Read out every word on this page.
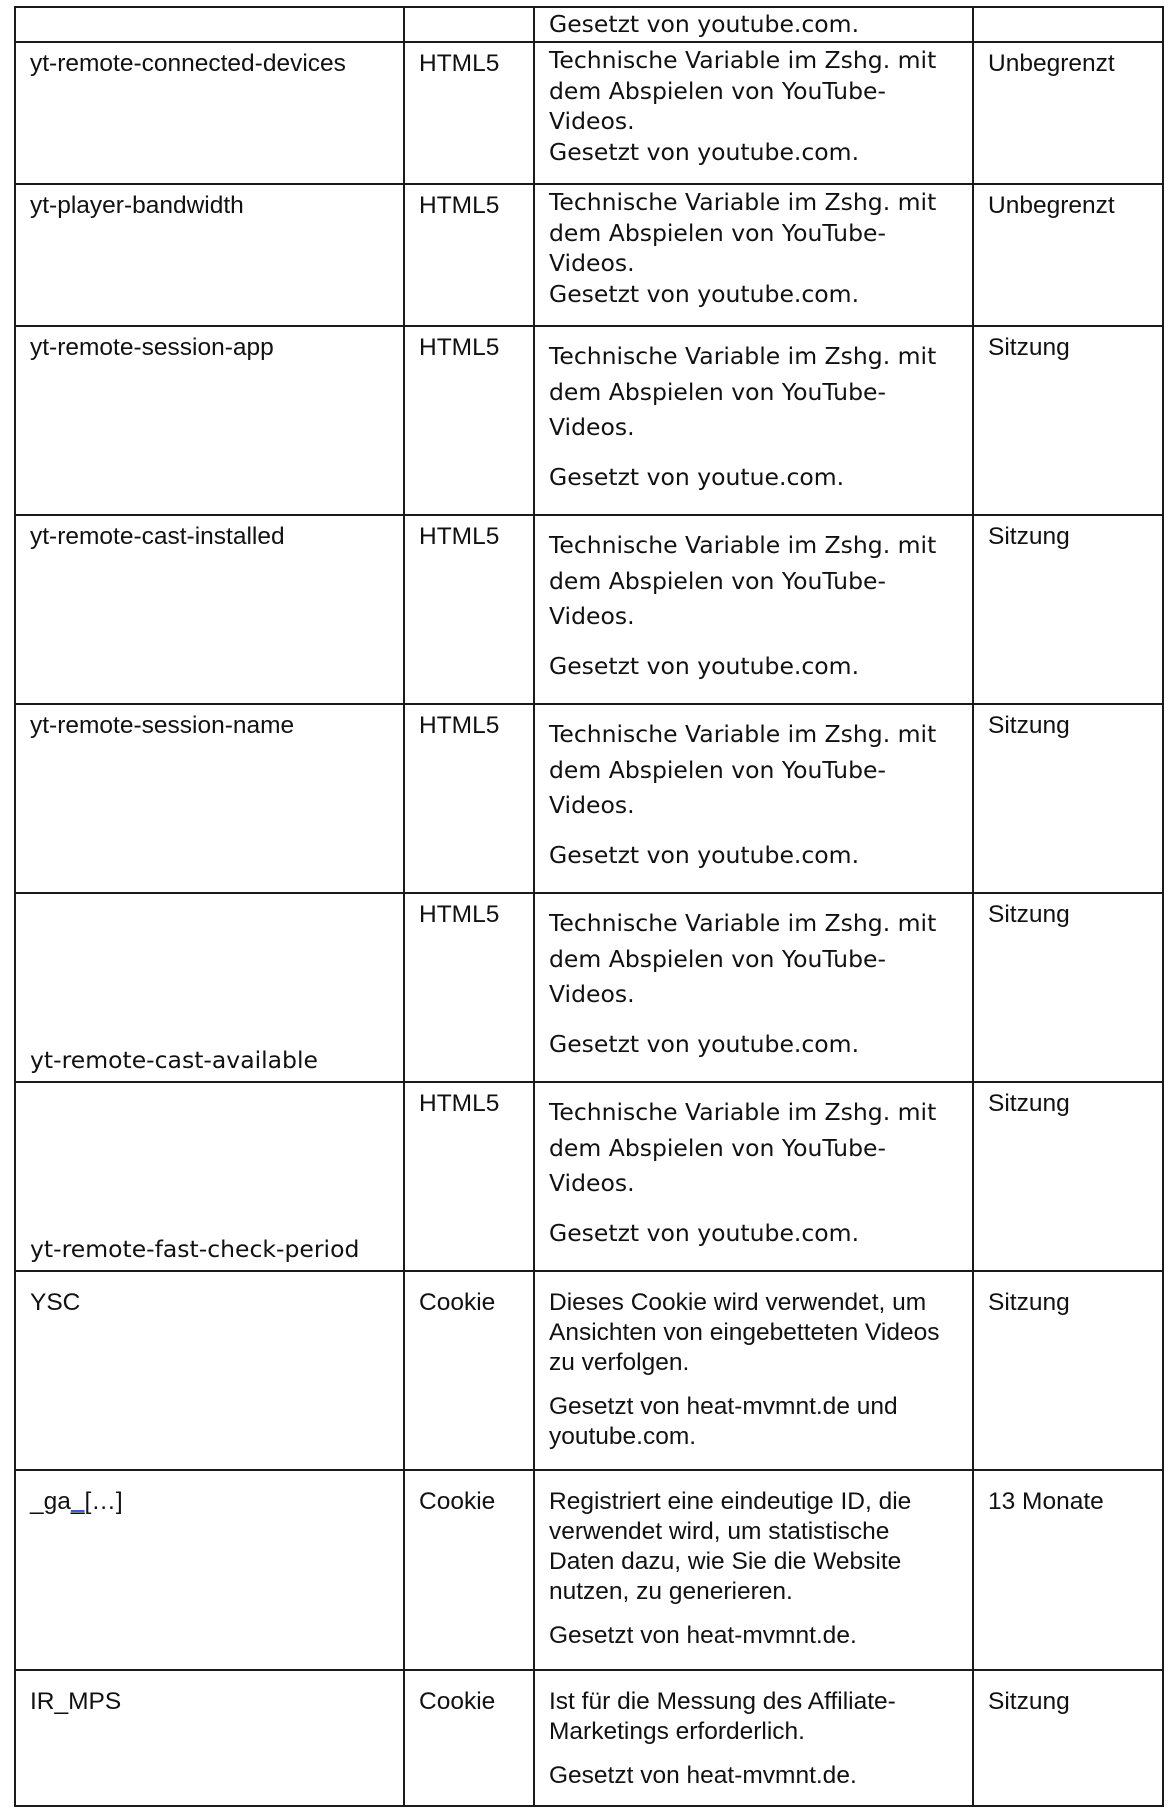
		Gesetzt von youtube.com.	

yt-remote-connected-devices	HTML5	Technische Variable im Zshg. mit dem Abspielen von YouTube-Videos.
Gesetzt von youtube.com.	Unbegrenzt

yt-player-bandwidth	HTML5	Technische Variable im Zshg. mit dem Abspielen von YouTube-Videos.
Gesetzt von youtube.com.	Unbegrenzt

yt-remote-session-app	HTML5	Technische Variable im Zshg. mit dem Abspielen von YouTube-Videos.
Gesetzt von youtue.com.	Sitzung

yt-remote-cast-installed	HTML5	Technische Variable im Zshg. mit dem Abspielen von YouTube-Videos.
Gesetzt von youtube.com.	Sitzung

yt-remote-session-name	HTML5	Technische Variable im Zshg. mit dem Abspielen von YouTube-Videos.
Gesetzt von youtube.com.	Sitzung

yt-remote-cast-available	HTML5	Technische Variable im Zshg. mit dem Abspielen von YouTube-Videos.
Gesetzt von youtube.com.	Sitzung

yt-remote-fast-check-period	HTML5	Technische Variable im Zshg. mit dem Abspielen von YouTube-Videos.
Gesetzt von youtube.com.	Sitzung

YSC	Cookie	Dieses Cookie wird verwendet, um Ansichten von eingebetteten Videos zu verfolgen.
Gesetzt von heat-mvmnt.de und youtube.com.	Sitzung

_ga_[…]	Cookie	Registriert eine eindeutige ID, die verwendet wird, um statistische Daten dazu, wie Sie die Website nutzen, zu generieren.
Gesetzt von heat-mvmnt.de.	13 Monate

IR_MPS	Cookie	Ist für die Messung des Affiliate-Marketings erforderlich.
Gesetzt von heat-mvmnt.de.	Sitzung
